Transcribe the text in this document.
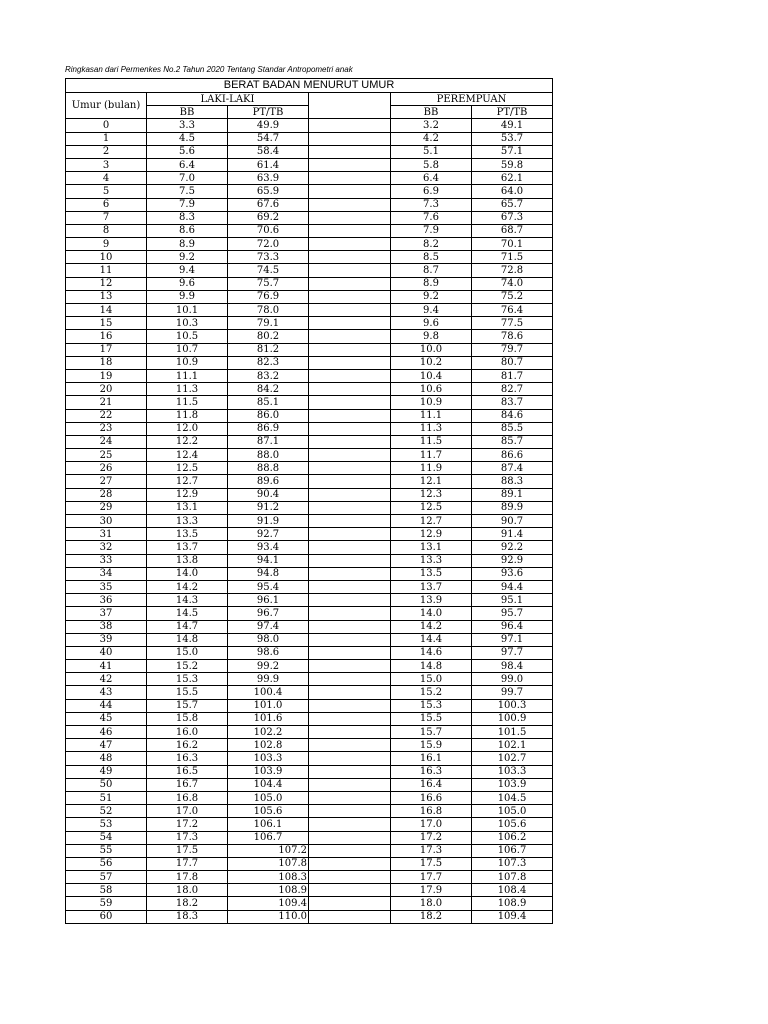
Ringkasan dari Permenkes No.2 Tahun 2020 Tentang Standar Antropometri anak
BERAT BADAN MENURUT UMUR					
Umur (bulan)	LAKI-LAKI			PEREMPUAN	
	BB	PT/TB		BB	PT/TB
0	3.3	49.9		3.2	49.1
1	4.5	54.7		4.2	53.7
2	5.6	58.4		5.1	57.1
3	6.4	61.4		5.8	59.8
4	7.0	63.9		6.4	62.1
5	7.5	65.9		6.9	64.0
6	7.9	67.6		7.3	65.7
7	8.3	69.2		7.6	67.3
8	8.6	70.6		7.9	68.7
9	8.9	72.0		8.2	70.1
10	9.2	73.3		8.5	71.5
11	9.4	74.5		8.7	72.8
12	9.6	75.7		8.9	74.0
13	9.9	76.9		9.2	75.2
14	10.1	78.0		9.4	76.4
15	10.3	79.1		9.6	77.5
16	10.5	80.2		9.8	78.6
17	10.7	81.2		10.0	79.7
18	10.9	82.3		10.2	80.7
19	11.1	83.2		10.4	81.7
20	11.3	84.2		10.6	82.7
21	11.5	85.1		10.9	83.7
22	11.8	86.0		11.1	84.6
23	12.0	86.9		11.3	85.5
24	12.2	87.1		11.5	85.7
25	12.4	88.0		11.7	86.6
26	12.5	88.8		11.9	87.4
27	12.7	89.6		12.1	88.3
28	12.9	90.4		12.3	89.1
29	13.1	91.2		12.5	89.9
30	13.3	91.9		12.7	90.7
31	13.5	92.7		12.9	91.4
32	13.7	93.4		13.1	92.2
33	13.8	94.1		13.3	92.9
34	14.0	94.8		13.5	93.6
35	14.2	95.4		13.7	94.4
36	14.3	96.1		13.9	95.1
37	14.5	96.7		14.0	95.7
38	14.7	97.4		14.2	96.4
39	14.8	98.0		14.4	97.1
40	15.0	98.6		14.6	97.7
41	15.2	99.2		14.8	98.4
42	15.3	99.9		15.0	99.0
43	15.5	100.4		15.2	99.7
44	15.7	101.0		15.3	100.3
45	15.8	101.6		15.5	100.9
46	16.0	102.2		15.7	101.5
47	16.2	102.8		15.9	102.1
48	16.3	103.3		16.1	102.7
49	16.5	103.9		16.3	103.3
50	16.7	104.4		16.4	103.9
51	16.8	105.0		16.6	104.5
52	17.0	105.6		16.8	105.0
53	17.2	106.1		17.0	105.6
54	17.3	106.7		17.2	106.2
55	17.5	107.2		17.3	106.7
56	17.7	107.8		17.5	107.3
57	17.8	108.3		17.7	107.8
58	18.0	108.9		17.9	108.4
59	18.2	109.4		18.0	108.9
60	18.3	110.0		18.2	109.4
